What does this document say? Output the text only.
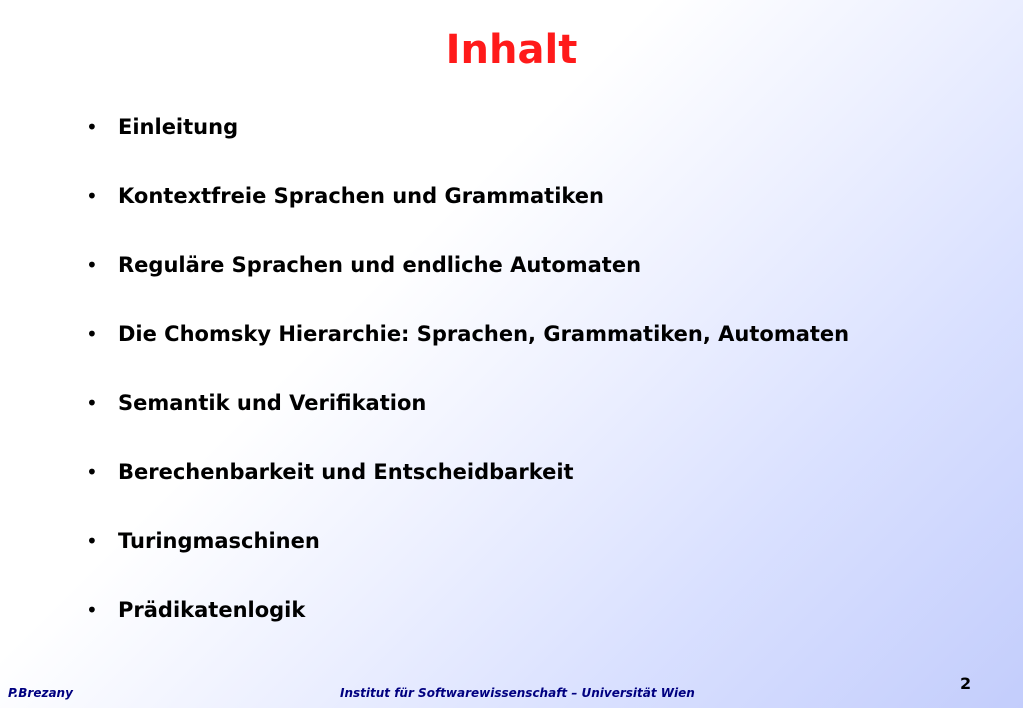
Inhalt
• Einleitung
• Kontextfreie Sprachen und Grammatiken
• Reguläre Sprachen und endliche Automaten
• Die Chomsky Hierarchie: Sprachen, Grammatiken, Automaten
• Semantik und Verifikation
• Berechenbarkeit und Entscheidbarkeit
• Turingmaschinen
• Prädikatenlogik
P.Brezany	Institut für Softwarewissenschaft – Universität Wien	2
